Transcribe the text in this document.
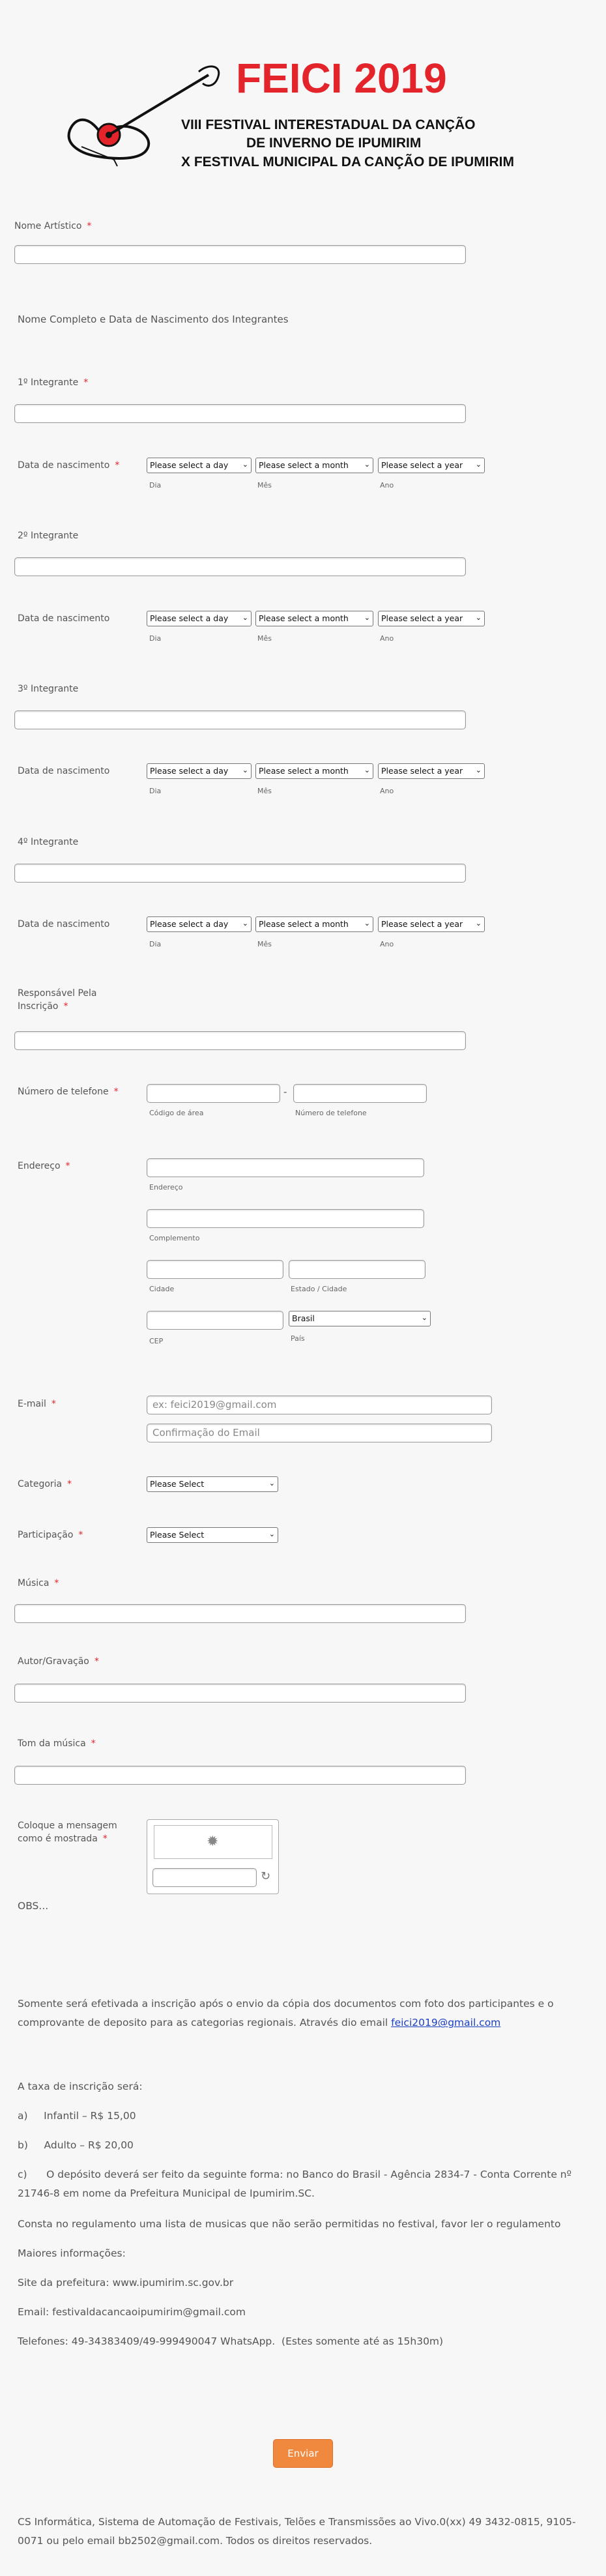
FEICI 2019
VIII FESTIVAL INTERESTADUAL DA CANÇÃO
DE INVERNO DE IPUMIRIM
X FESTIVAL MUNICIPAL DA CANÇÃO DE IPUMIRIM
Nome Artístico *
Nome Completo e Data de Nascimento dos Integrantes
1º Integrante *
Data de nascimento *	Please select a day ⌄	Please select a month ⌄	Please select a year ⌄
Dia	Mês	Ano
2º Integrante
Data de nascimento	Please select a day ⌄	Please select a month ⌄	Please select a year ⌄
Dia	Mês	Ano
3º Integrante
Data de nascimento	Please select a day ⌄	Please select a month ⌄	Please select a year ⌄
Dia	Mês	Ano
4º Integrante
Data de nascimento	Please select a day ⌄	Please select a month ⌄	Please select a year ⌄
Dia	Mês	Ano
Responsável Pela
Inscrição *
Número de telefone *	-
Código de área	Número de telefone
Endereço *
Endereço
Complemento
Cidade	Estado / Cidade
Brasil	⌄
CEP	País
E-mail *	ex: feici2019@gmail.com
Confirmação do Email
Categoria *	Please Select	⌄
Participação *	Please Select	⌄
Música *
Autor/Gravação *
Tom da música *
Coloque a mensagem
como é mostrada *	✹
↻
OBS...
Somente será efetivada a inscrição após o envio da cópia dos documentos com foto dos participantes e o
comprovante de deposito para as categorias regionais. Através dio email feici2019@gmail.com
A taxa de inscrição será:
a)     Infantil – R$ 15,00
b)     Adulto – R$ 20,00
c)      O depósito deverá ser feito da seguinte forma: no Banco do Brasil - Agência 2834-7 - Conta Corrente nº
21746-8 em nome da Prefeitura Municipal de Ipumirim.SC.
Consta no regulamento uma lista de musicas que não serão permitidas no festival, favor ler o regulamento
Maiores informações:
Site da prefeitura: www.ipumirim.sc.gov.br
Email: festivaldacancaoipumirim@gmail.com
Telefones: 49-34383409/49-999490047 WhatsApp.  (Estes somente até as 15h30m)
Enviar
CS Informática, Sistema de Automação de Festivais, Telões e Transmissões ao Vivo.0(xx) 49 3432-0815, 9105-
0071 ou pelo email bb2502@gmail.com. Todos os direitos reservados.
